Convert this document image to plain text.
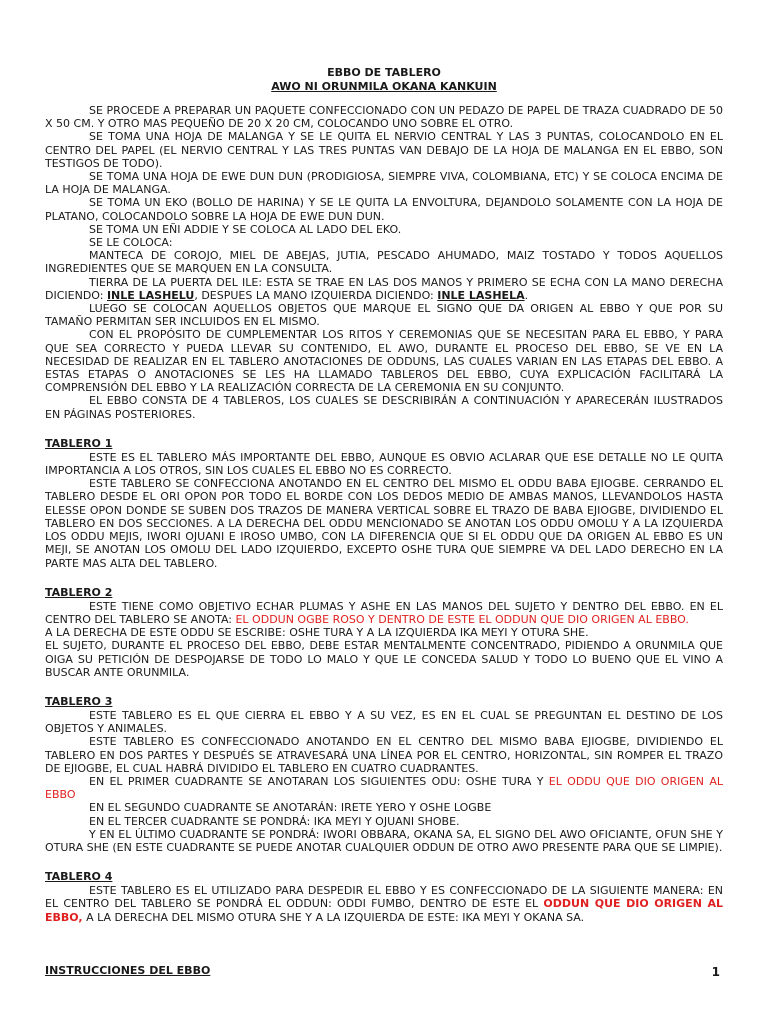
EBBO DE TABLERO
AWO NI ORUNMILA OKANA KANKUIN

SE PROCEDE A PREPARAR UN PAQUETE CONFECCIONADO CON UN PEDAZO DE PAPEL DE TRAZA CUADRADO DE 50 X 50 CM. Y OTRO MAS PEQUEÑO DE 20 X 20 CM, COLOCANDO UNO SOBRE EL OTRO.

SE TOMA UNA HOJA DE MALANGA Y SE LE QUITA EL NERVIO CENTRAL Y LAS 3 PUNTAS, COLOCANDOLO EN EL CENTRO DEL PAPEL (EL NERVIO CENTRAL Y LAS TRES PUNTAS VAN DEBAJO DE LA HOJA DE MALANGA EN EL EBBO, SON TESTIGOS DE TODO).

SE TOMA UNA HOJA DE EWE DUN DUN (PRODIGIOSA, SIEMPRE VIVA, COLOMBIANA, ETC) Y SE COLOCA ENCIMA DE LA HOJA DE MALANGA.

SE TOMA UN EKO (BOLLO DE HARINA) Y SE LE QUITA LA ENVOLTURA, DEJANDOLO SOLAMENTE CON LA HOJA DE PLATANO, COLOCANDOLO SOBRE LA HOJA DE EWE DUN DUN.

SE TOMA UN EÑI ADDIE Y SE COLOCA AL LADO DEL EKO.

SE LE COLOCA:

MANTECA DE COROJO, MIEL DE ABEJAS, JUTIA, PESCADO AHUMADO, MAIZ TOSTADO Y TODOS AQUELLOS INGREDIENTES QUE SE MARQUEN EN LA CONSULTA.

TIERRA DE LA PUERTA DEL ILE: ESTA SE TRAE EN LAS DOS MANOS Y PRIMERO SE ECHA CON LA MANO DERECHA DICIENDO: INLE LASHELU, DESPUES LA MANO IZQUIERDA DICIENDO: INLE LASHELA.

LUEGO SE COLOCAN AQUELLOS OBJETOS QUE MARQUE EL SIGNO QUE DA ORIGEN AL EBBO Y QUE POR SU TAMAÑO PERMITAN SER INCLUIDOS EN EL MISMO.

CON EL PROPÓSITO DE CUMPLEMENTAR LOS RITOS Y CEREMONIAS QUE SE NECESITAN PARA EL EBBO, Y PARA QUE SEA CORRECTO Y PUEDA LLEVAR SU CONTENIDO, EL AWO, DURANTE EL PROCESO DEL EBBO, SE VE EN LA NECESIDAD DE REALIZAR EN EL TABLERO ANOTACIONES DE ODDUNS, LAS CUALES VARIAN EN LAS ETAPAS DEL EBBO. A ESTAS ETAPAS O ANOTACIONES SE LES HA LLAMADO TABLEROS DEL EBBO, CUYA EXPLICACIÓN FACILITARÁ LA COMPRENSIÓN DEL EBBO Y LA REALIZACIÓN CORRECTA DE LA CEREMONIA EN SU CONJUNTO.

EL EBBO CONSTA DE 4 TABLEROS, LOS CUALES SE DESCRIBIRÁN A CONTINUACIÓN Y APARECERÁN ILUSTRADOS EN PÁGINAS POSTERIORES.

TABLERO 1

ESTE ES EL TABLERO MÁS IMPORTANTE DEL EBBO, AUNQUE ES OBVIO ACLARAR QUE ESE DETALLE NO LE QUITA IMPORTANCIA A LOS OTROS, SIN LOS CUALES EL EBBO NO ES CORRECTO.

ESTE TABLERO SE CONFECCIONA ANOTANDO EN EL CENTRO DEL MISMO EL ODDU BABA EJIOGBE. CERRANDO EL TABLERO DESDE EL ORI OPON POR TODO EL BORDE CON LOS DEDOS MEDIO DE AMBAS MANOS, LLEVANDOLOS HASTA ELESSE OPON DONDE SE SUBEN DOS TRAZOS DE MANERA VERTICAL SOBRE EL TRAZO DE BABA EJIOGBE, DIVIDIENDO EL TABLERO EN DOS SECCIONES. A LA DERECHA DEL ODDU MENCIONADO SE ANOTAN LOS ODDU OMOLU Y A LA IZQUIERDA LOS ODDU MEJIS, IWORI OJUANI E IROSO UMBO, CON LA DIFERENCIA QUE SI EL ODDU QUE DA ORIGEN AL EBBO ES UN MEJI, SE ANOTAN LOS OMOLU DEL LADO IZQUIERDO, EXCEPTO OSHE TURA QUE SIEMPRE VA DEL LADO DERECHO EN LA PARTE MAS ALTA DEL TABLERO.

TABLERO 2

ESTE TIENE COMO OBJETIVO ECHAR PLUMAS Y ASHE EN LAS MANOS DEL SUJETO Y DENTRO DEL EBBO. EN EL CENTRO DEL TABLERO SE ANOTA: EL ODDUN OGBE ROSO Y DENTRO DE ESTE EL ODDUN QUE DIO ORIGEN AL EBBO.

A LA DERECHA DE ESTE ODDU SE ESCRIBE: OSHE TURA Y A LA IZQUIERDA IKA MEYI Y OTURA SHE.

EL SUJETO, DURANTE EL PROCESO DEL EBBO, DEBE ESTAR MENTALMENTE CONCENTRADO, PIDIENDO A ORUNMILA QUE OIGA SU PETICIÓN DE DESPOJARSE DE TODO LO MALO Y QUE LE CONCEDA SALUD Y TODO LO BUENO QUE EL VINO A BUSCAR ANTE ORUNMILA.

TABLERO 3

ESTE TABLERO ES EL QUE CIERRA EL EBBO Y A SU VEZ, ES EN EL CUAL SE PREGUNTAN EL DESTINO DE LOS OBJETOS Y ANIMALES.

ESTE TABLERO ES CONFECCIONADO ANOTANDO EN EL CENTRO DEL MISMO BABA EJIOGBE, DIVIDIENDO EL TABLERO EN DOS PARTES Y DESPUÉS SE ATRAVESARÁ UNA LÍNEA POR EL CENTRO, HORIZONTAL, SIN ROMPER EL TRAZO DE EJIOGBE, EL CUAL HABRÁ DIVIDIDO EL TABLERO EN CUATRO CUADRANTES.

EN EL PRIMER CUADRANTE SE ANOTARAN LOS SIGUIENTES ODU: OSHE TURA Y EL ODDU QUE DIO ORIGEN AL EBBO

EN EL SEGUNDO CUADRANTE SE ANOTARÁN: IRETE YERO Y OSHE LOGBE

EN EL TERCER CUADRANTE SE PONDRÁ: IKA MEYI Y OJUANI SHOBE.

Y EN EL ÚLTIMO CUADRANTE SE PONDRÁ: IWORI OBBARA, OKANA SA, EL SIGNO DEL AWO OFICIANTE, OFUN SHE Y OTURA SHE (EN ESTE CUADRANTE SE PUEDE ANOTAR CUALQUIER ODDUN DE OTRO AWO PRESENTE PARA QUE SE LIMPIE).

TABLERO 4

ESTE TABLERO ES EL UTILIZADO PARA DESPEDIR EL EBBO Y ES CONFECCIONADO DE LA SIGUIENTE MANERA: EN EL CENTRO DEL TABLERO SE PONDRÁ EL ODDUN: ODDI FUMBO, DENTRO DE ESTE EL ODDUN QUE DIO ORIGEN AL EBBO, A LA DERECHA DEL MISMO OTURA SHE Y A LA IZQUIERDA DE ESTE: IKA MEYI Y OKANA SA.

INSTRUCCIONES DEL EBBO	1
